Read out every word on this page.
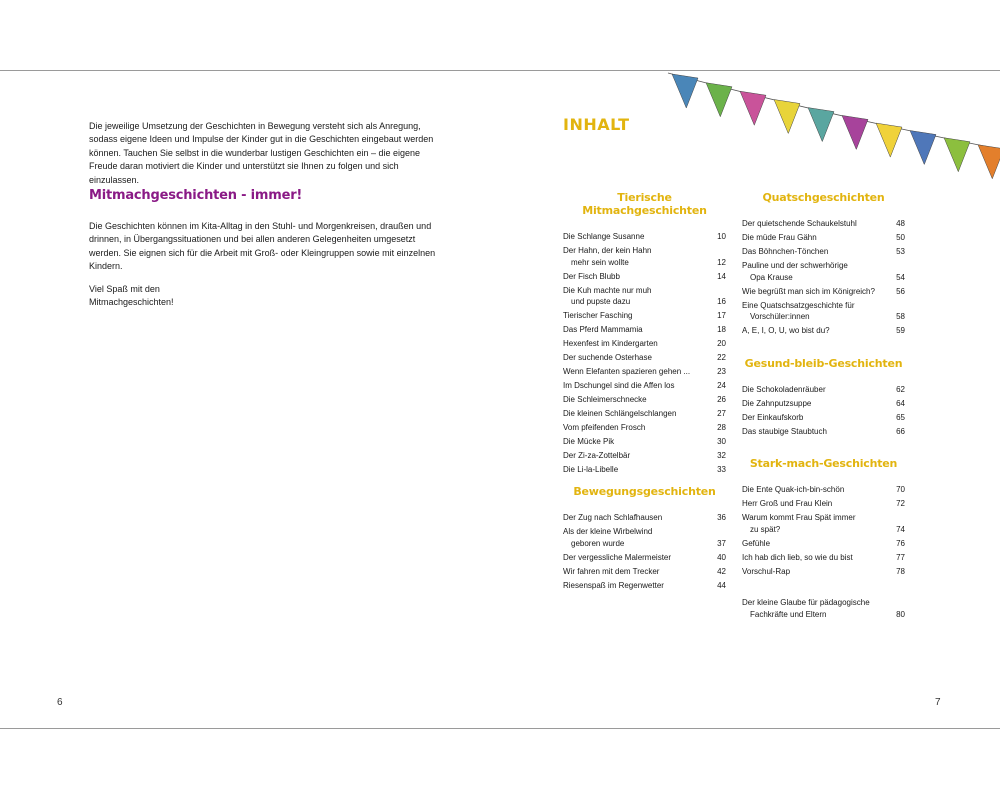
Die jeweilige Umsetzung der Geschichten in Bewegung versteht sich als Anregung, sodass eigene Ideen und Impulse der Kinder gut in die Geschichten eingebaut werden können. Tauchen Sie selbst in die wunderbar lustigen Geschichten ein – die eigene Freude daran motiviert die Kinder und unterstützt sie Ihnen zu folgen und sich einzulassen.

Mitmachgeschichten - immer!

Die Geschichten können im Kita-Alltag in den Stuhl- und Morgenkreisen, draußen und drinnen, in Übergangssituationen und bei allen anderen Gelegenheiten umgesetzt werden. Sie eignen sich für die Arbeit mit Groß- oder Kleingruppen sowie mit einzelnen Kindern.

Viel Spaß mit den
Mitmachgeschichten!
6
INHALT
Tierische Mitmachgeschichten
Die Schlange Susanne	10
Der Hahn, der kein Hahn
mehr sein wollte	12
Der Fisch Blubb	14
Die Kuh machte nur muh
und pupste dazu	16
Tierischer Fasching	17
Das Pferd Mammamia	18
Hexenfest im Kindergarten	20
Der suchende Osterhase	22
Wenn Elefanten spazieren gehen ...	23
Im Dschungel sind die Affen los	24
Die Schleimerschnecke	26
Die kleinen Schlängelschlangen	27
Vom pfeifenden Frosch	28
Die Mücke Pik	30
Der Zi-za-Zottelbär	32
Die Li-la-Libelle	33
Bewegungsgeschichten
Der Zug nach Schlafhausen	36
Als der kleine Wirbelwind
geboren wurde	37
Der vergessliche Malermeister	40
Wir fahren mit dem Trecker	42
Riesenspaß im Regenwetter	44
Quatschgeschichten
Der quietschende Schaukelstuhl	48
Die müde Frau Gähn	50
Das Böhnchen-Tönchen	53
Pauline und der schwerhörige
Opa Krause	54
Wie begrüßt man sich im Königreich?	56
Eine Quatschsatzgeschichte für
Vorschüler:innen	58
A, E, I, O, U, wo bist du?	59
Gesund-bleib-Geschichten
Die Schokoladenräuber	62
Die Zahnputzsuppe	64
Der Einkaufskorb	65
Das staubige Staubtuch	66
Stark-mach-Geschichten
Die Ente Quak-ich-bin-schön	70
Herr Groß und Frau Klein	72
Warum kommt Frau Spät immer
zu spät?	74
Gefühle	76
Ich hab dich lieb, so wie du bist	77
Vorschul-Rap	78
Der kleine Glaube für pädagogische
Fachkräfte und Eltern	80
7
